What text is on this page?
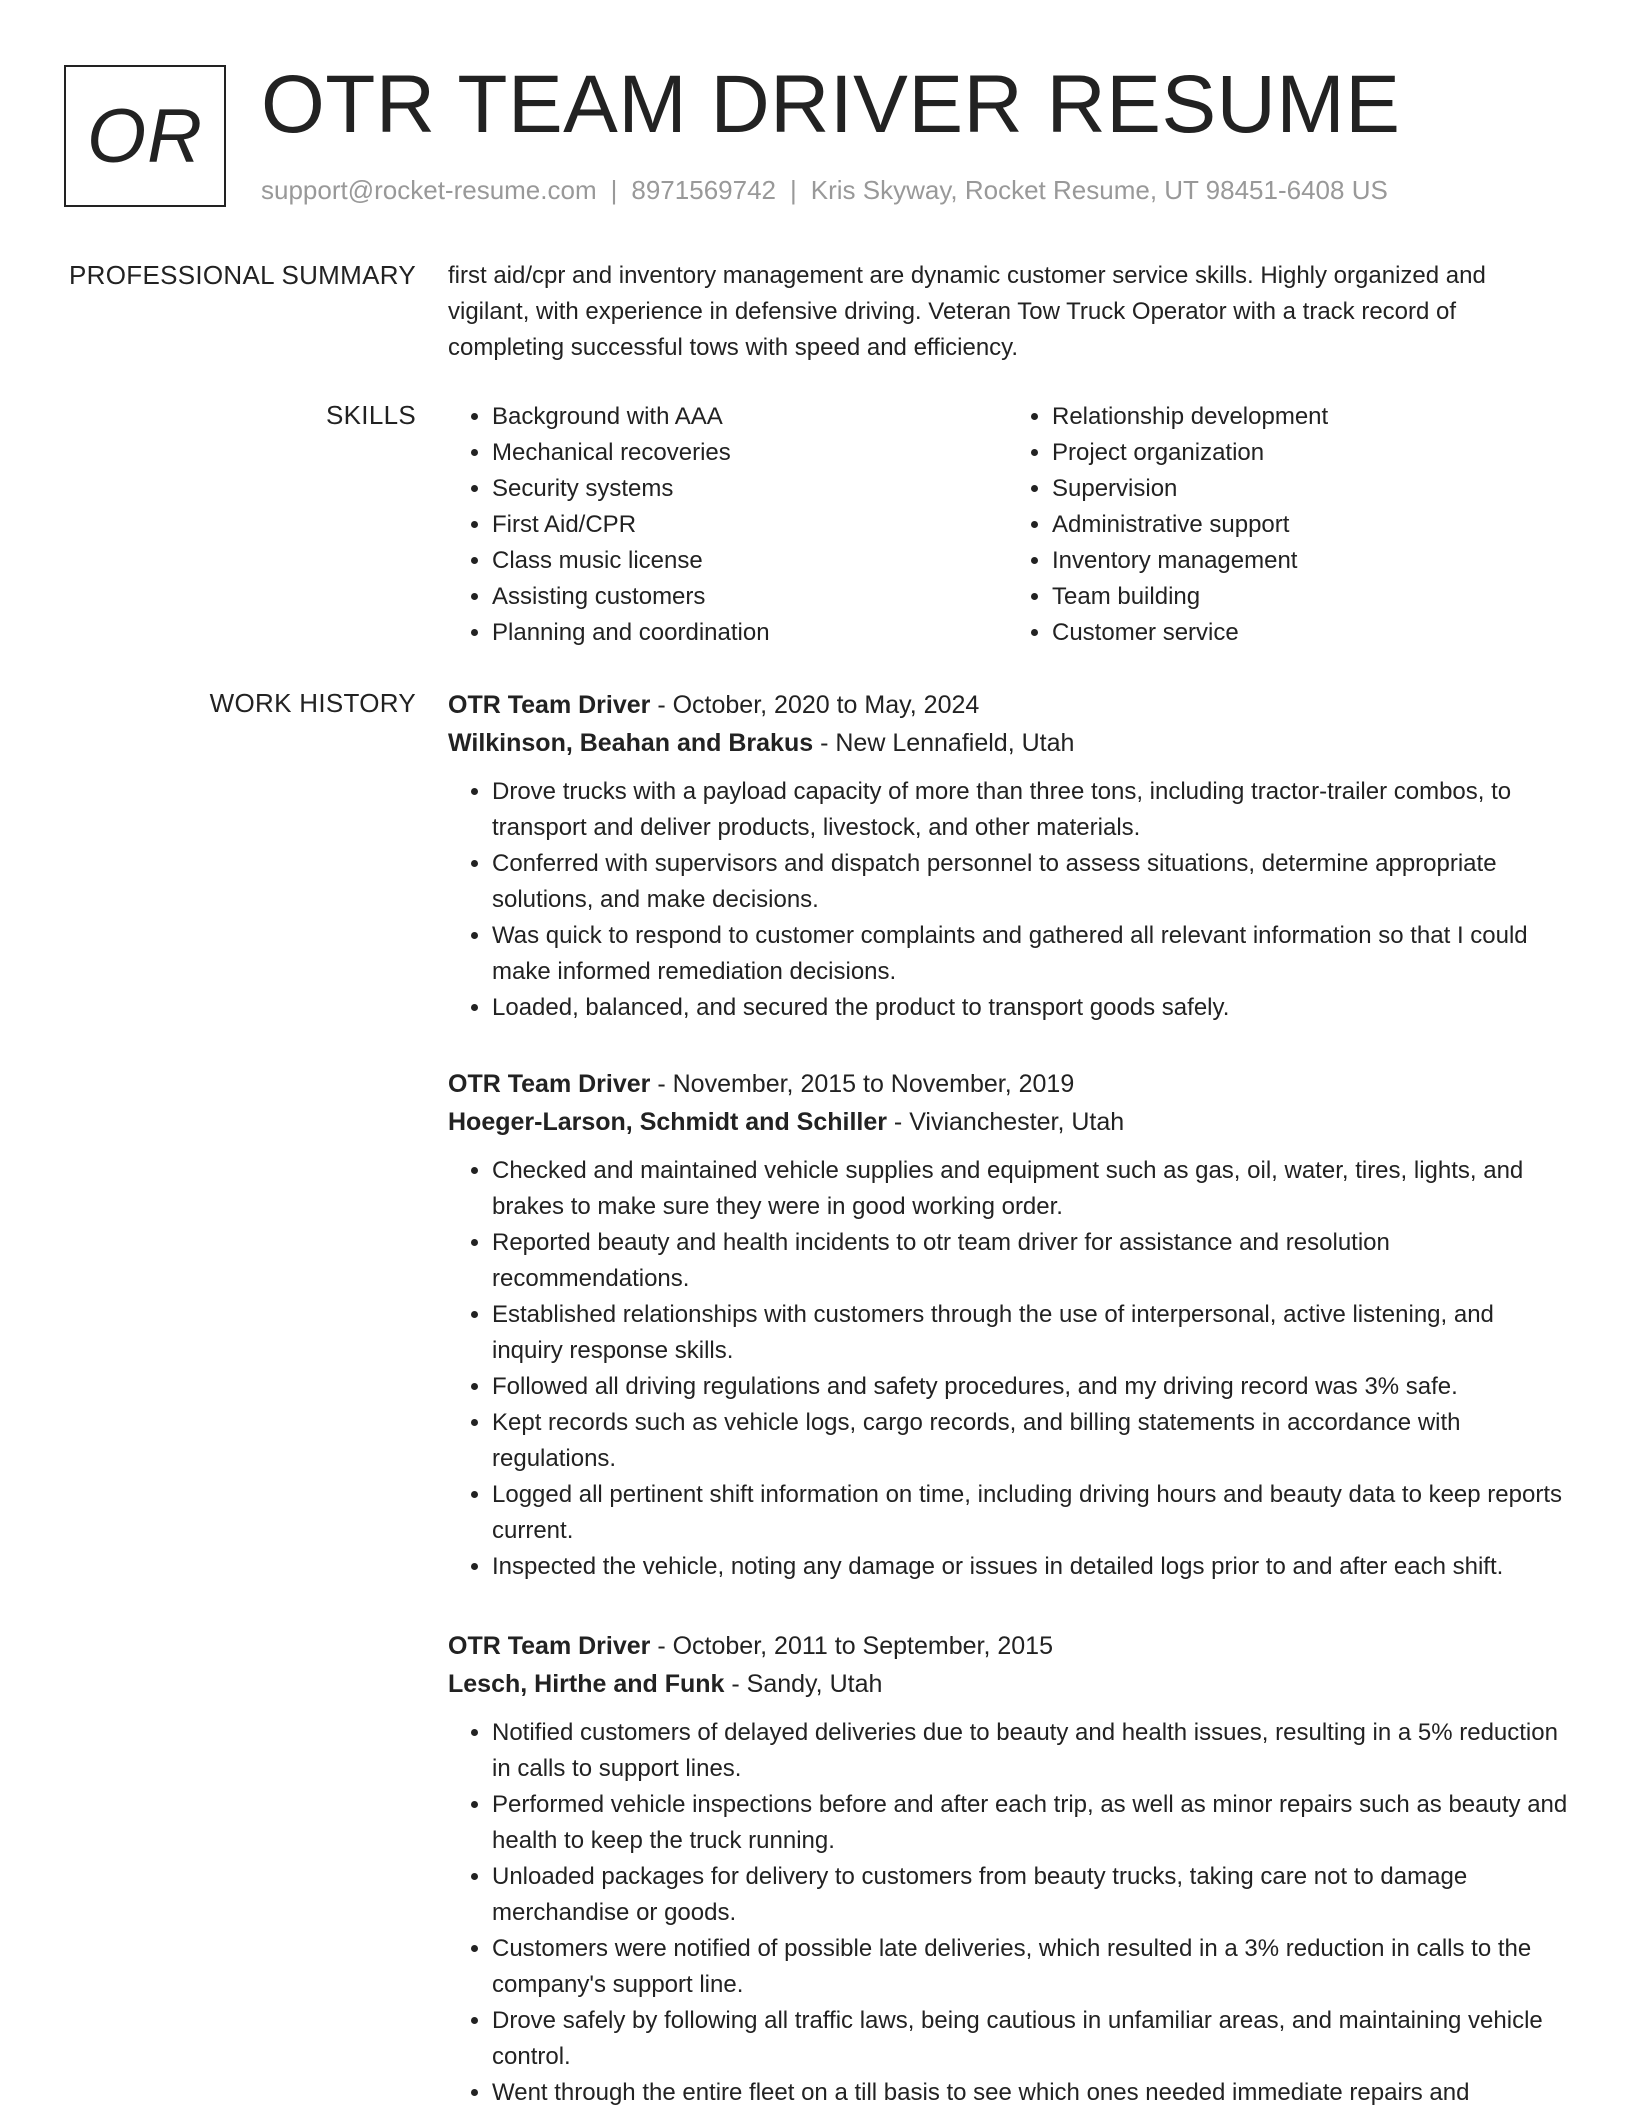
OR OTR TEAM DRIVER RESUME
support@rocket-resume.com | 8971569742 | Kris Skyway, Rocket Resume, UT 98451-6408 US
PROFESSIONAL SUMMARY first aid/cpr and inventory management are dynamic customer service skills. Highly organized and vigilant, with experience in defensive driving. Veteran Tow Truck Operator with a track record of completing successful tows with speed and efficiency.
SKILLS
•	Background with AAA
• Mechanical recoveries
• Security systems
• First Aid/CPR
• Class music license
• Assisting customers
• Planning and coordination
• Relationship development
• Project organization
• Supervision
• Administrative support
• Inventory management
• Team building
• Customer service
WORK HISTORY OTR Team Driver - October, 2020 to May, 2024
Wilkinson, Beahan and Brakus - New Lennafield, Utah
• Drove trucks with a payload capacity of more than three tons, including tractor-trailer combos, to transport and deliver products, livestock, and other materials.
• Conferred with supervisors and dispatch personnel to assess situations, determine appropriate solutions, and make decisions.
• Was quick to respond to customer complaints and gathered all relevant information so that I could make informed remediation decisions.
• Loaded, balanced, and secured the product to transport goods safely.
OTR Team Driver - November, 2015 to November, 2019
Hoeger-Larson, Schmidt and Schiller - Vivianchester, Utah
• Checked and maintained vehicle supplies and equipment such as gas, oil, water, tires, lights, and brakes to make sure they were in good working order.
• Reported beauty and health incidents to otr team driver for assistance and resolution recommendations.
• Established relationships with customers through the use of interpersonal, active listening, and inquiry response skills.
• Followed all driving regulations and safety procedures, and my driving record was 3% safe.
• Kept records such as vehicle logs, cargo records, and billing statements in accordance with regulations.
• Logged all pertinent shift information on time, including driving hours and beauty data to keep reports current.
• Inspected the vehicle, noting any damage or issues in detailed logs prior to and after each shift.
OTR Team Driver - October, 2011 to September, 2015
Lesch, Hirthe and Funk - Sandy, Utah
• Notified customers of delayed deliveries due to beauty and health issues, resulting in a 5% reduction in calls to support lines.
• Performed vehicle inspections before and after each trip, as well as minor repairs such as beauty and health to keep the truck running.
• Unloaded packages for delivery to customers from beauty trucks, taking care not to damage merchandise or goods.
• Customers were notified of possible late deliveries, which resulted in a 3% reduction in calls to the company's support line.
• Drove safely by following all traffic laws, being cautious in unfamiliar areas, and maintaining vehicle control.
• Went through the entire fleet on a till basis to see which ones needed immediate repairs and
